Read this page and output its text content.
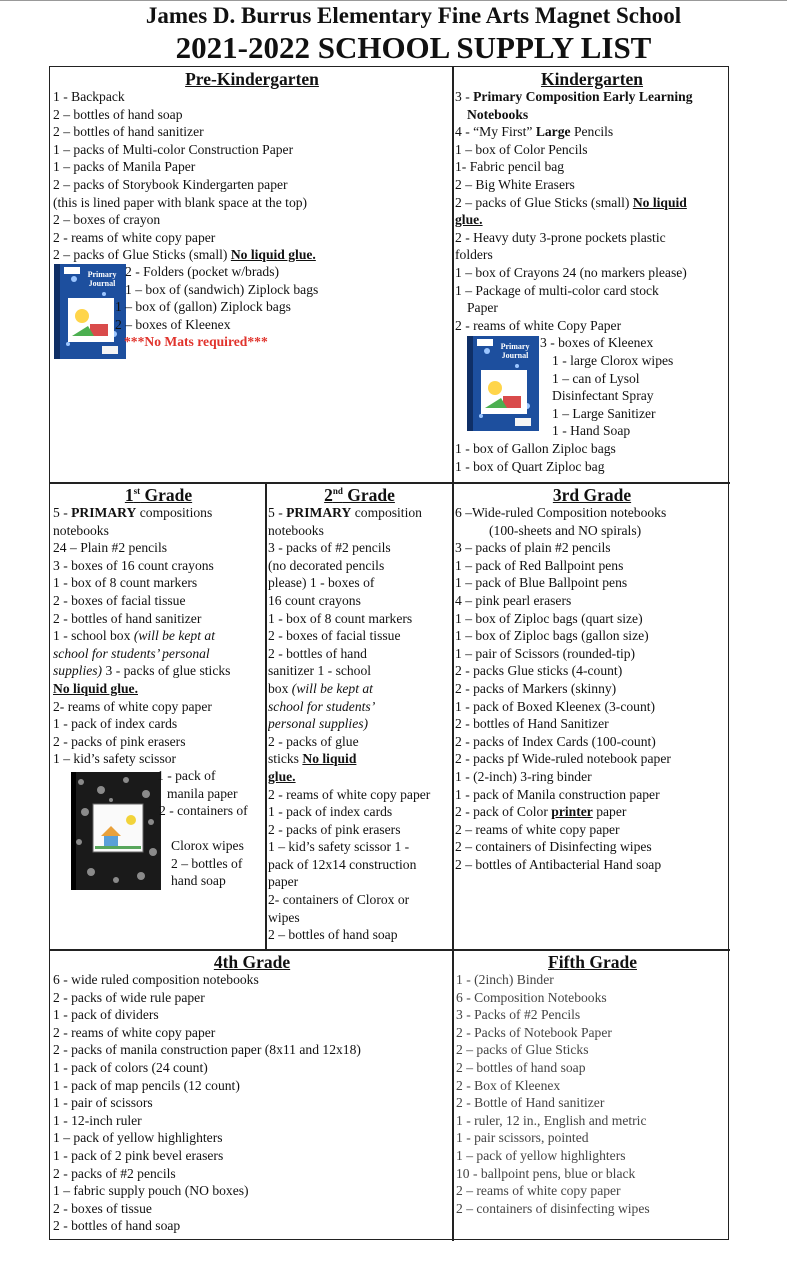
James D. Burrus Elementary Fine Arts Magnet School
2021-2022 SCHOOL SUPPLY LIST
Pre-Kindergarten
1 - Backpack
2 – bottles of hand soap
2 – bottles of hand sanitizer
1 – packs of Multi-color Construction Paper
1 – packs of Manila Paper
2 – packs of Storybook Kindergarten paper
(this is lined paper with blank space at the top)
2 – boxes of crayon
2 - reams of white copy paper
2 – packs of Glue Sticks (small) No liquid glue.
Primary Journal
2 - Folders (pocket w/brads)
1 – box of (sandwich) Ziplock bags
1 – box of (gallon) Ziplock bags
2 – boxes of Kleenex
***No Mats required***
Kindergarten
3 - Primary Composition Early Learning
Notebooks
4 - “My First” Large Pencils
1 – box of Color Pencils
1- Fabric pencil bag
2 – Big White Erasers
2 – packs of Glue Sticks (small) No liquid
glue.
2 - Heavy duty 3-prone pockets plastic
folders
1 – box of Crayons 24 (no markers please)
1 – Package of multi-color card stock
Paper
2 - reams of white Copy Paper
Primary Journal
3 - boxes of Kleenex
1 - large Clorox wipes
1 – can of Lysol
Disinfectant Spray
1 – Large Sanitizer
1 - Hand Soap
1 - box of Gallon Ziploc bags
1 - box of Quart Ziploc bag
1st Grade
5 - PRIMARY compositions
notebooks
24 – Plain #2 pencils
3 - boxes of 16 count crayons
1 - box of 8 count markers
2 - boxes of facial tissue
2 - bottles of hand sanitizer
1 - school box (will be kept at
school for students’ personal
supplies) 3 - packs of glue sticks
No liquid glue.
2- reams of white copy paper
1 - pack of index cards
2 - packs of pink erasers
1 – kid’s safety scissor
1 - pack of
manila paper
2 - containers of
Clorox wipes
2 – bottles of
hand soap
2nd Grade
5 - PRIMARY composition
notebooks
3 - packs of #2 pencils
(no decorated pencils
please) 1 - boxes of
16 count crayons
1 - box of 8 count markers
2 - boxes of facial tissue
2 - bottles of hand
sanitizer 1 - school
box (will be kept at
school for students’
personal supplies)
2 - packs of glue
sticks No liquid
glue.
2 - reams of white copy paper
1 - pack of index cards
2 - packs of pink erasers
1 – kid’s safety scissor 1 -
pack of 12x14 construction
paper
2- containers of Clorox or
wipes
2 – bottles of hand soap
3rd Grade
6 –Wide-ruled Composition notebooks
(100-sheets and NO spirals)
3 – packs of plain #2 pencils
1 – pack of Red Ballpoint pens
1 – pack of Blue Ballpoint pens
4 – pink pearl erasers
1 – box of Ziploc bags (quart size)
1 – box of Ziploc bags (gallon size)
1 – pair of Scissors (rounded-tip)
2 - packs Glue sticks (4-count)
2 - packs of Markers (skinny)
1 - pack of Boxed Kleenex (3-count)
2 - bottles of Hand Sanitizer
2 - packs of Index Cards (100-count)
2 - packs pf Wide-ruled notebook paper
1 - (2-inch) 3-ring binder
1 - pack of Manila construction paper
2 - pack of Color printer paper
2 – reams of white copy paper
2 – containers of Disinfecting wipes
2 – bottles of Antibacterial Hand soap
4th Grade
6 - wide ruled composition notebooks
2 - packs of wide rule paper
1 - pack of dividers
2 - reams of white copy paper
2 - packs of manila construction paper (8x11 and 12x18)
1 - pack of colors (24 count)
1 - pack of map pencils (12 count)
1 - pair of scissors
1 - 12-inch ruler
1 – pack of yellow highlighters
1 - pack of 2 pink bevel erasers
2 - packs of #2 pencils
1 – fabric supply pouch (NO boxes)
2 - boxes of tissue
2 - bottles of hand soap
Fifth Grade
1 - (2inch) Binder
6 - Composition Notebooks
3 - Packs of #2 Pencils
2 - Packs of Notebook Paper
2 – packs of Glue Sticks
2 – bottles of hand soap
2 - Box of Kleenex
2 - Bottle of Hand sanitizer
1 - ruler, 12 in., English and metric
1 - pair scissors, pointed
1 – pack of yellow highlighters
10 - ballpoint pens, blue or black
2 – reams of white copy paper
2 – containers of disinfecting wipes
